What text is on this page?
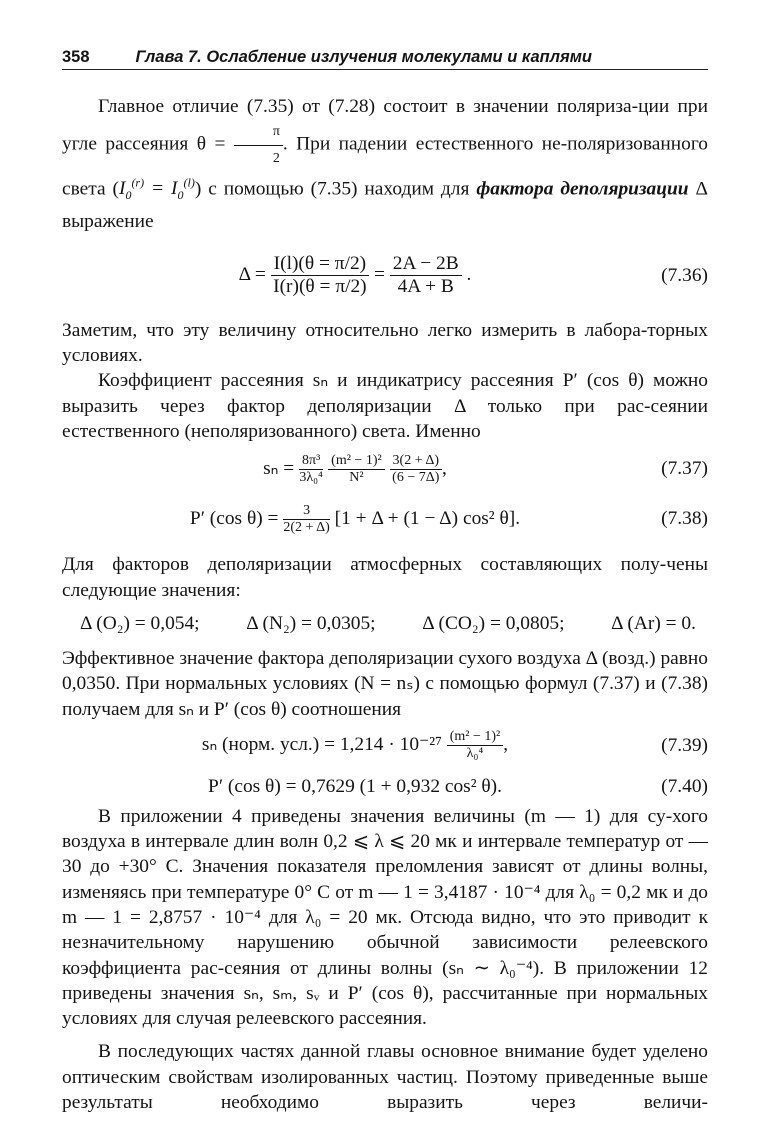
358	Глава 7. Ослабление излучения молекулами и каплями

Главное отличие (7.35) от (7.28) состоит в значении поляриза-ции при угле рассеяния $\theta = \frac{\pi}{2}$ . При падении естественного не-поляризованного света $(I_0^{(r)} = I_0^{(l)})$ с помощью (7.35) находим для фактора деполяризации Δ выражение

$\Delta = \frac{I(l)(\theta = \pi/2)}{I(r)(\theta = \pi/2)} = \frac{2A - 2B}{4A + B}$ .	(7.36)

Заметим, что эту величину относительно легко измерить в лабора-торных условиях.

Коэффициент рассеяния sₙ и индикатрису рассеяния P′ (cos θ) можно выразить через фактор деполяризации Δ только при рас-сеянии естественного (неполяризованного) света. Именно

$s_n = \frac{\text{8π³}}{\text{3λ₀⁴}}$
$\frac{\text{(m² − 1)²}}{\text{N²}}$
$\frac{3(2 + \Delta)}{(6 - 7\Delta)}$ ,	(7.37)
P′ (cos $\theta) = \frac{3}{2(2 + \Delta)} [1 + \Delta + (1 - \Delta)$ cos² θ].	(7.38)

Для факторов деполяризации атмосферных составляющих полу-чены следующие значения:

Δ (O₂) = 0,054; Δ (N₂) = 0,0305; Δ (CO₂) = 0,0805; Δ (Ar) = 0.

Эффективное значение фактора деполяризации сухого воздуха Δ (возд.) равно 0,0350. При нормальных условиях (N = nₛ) с помощью формул (7.37) и (7.38) получаем для sₙ и P′ (cos θ) соотношения

sₙ (норм. $усл.) = 1,214 \cdot 10^{-27} \frac{\text{(m² − 1)²}}{\text{λ₀⁴}}$ ,	(7.39)
P′ (cos θ) = 0,7629 (1 + 0,932 cos² θ).	(7.40)

В приложении 4 приведены значения величины (m — 1) для су-хого воздуха в интервале длин волн 0,2 ⩽ λ ⩽ 20 мк и интервале температур от —30 до +30° С. Значения показателя преломления зависят от длины волны, изменяясь при температуре 0° С от m — 1 = 3,4187 · 10⁻⁴ для λ₀ = 0,2 мк и до m — 1 = 2,8757 · 10⁻⁴ для λ₀ = 20 мк. Отсюда видно, что это приводит к незначительному нарушению обычной зависимости релеевского коэффициента рас-сеяния от длины волны (sₙ ∼ λ₀⁻⁴). В приложении 12 приведены значения sₙ, sₘ, sᵥ и P′ (cos θ), рассчитанные при нормальных условиях для случая релеевского рассеяния.

В последующих частях данной главы основное внимание будет уделено оптическим свойствам изолированных частиц. Поэтому приведенные выше результаты необходимо выразить через величи-
